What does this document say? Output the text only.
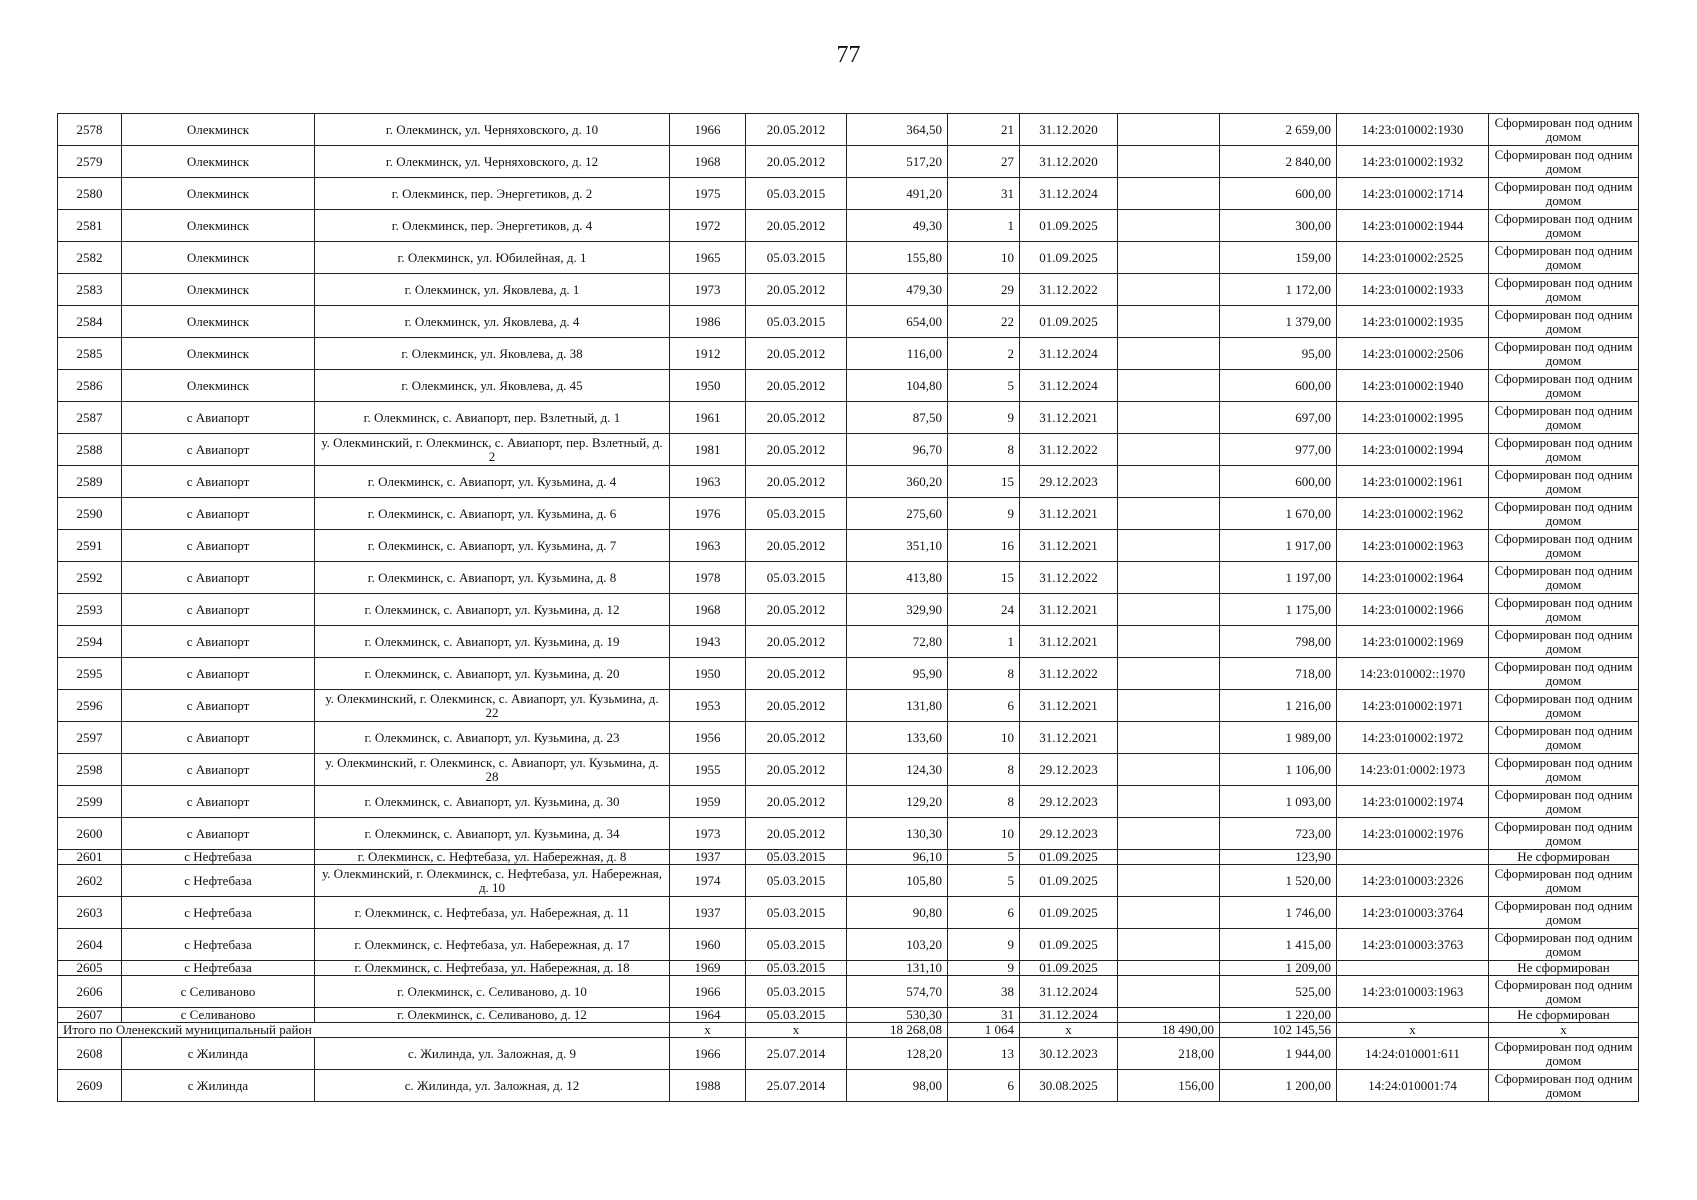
77
2578	Олекминск	г. Олекминск, ул. Черняховского, д. 10	1966	20.05.2012	364,50	21	31.12.2020		2 659,00	14:23:010002:1930	Сформирован под одним домом
2579	Олекминск	г. Олекминск, ул. Черняховского, д. 12	1968	20.05.2012	517,20	27	31.12.2020		2 840,00	14:23:010002:1932	Сформирован под одним домом
2580	Олекминск	г. Олекминск, пер. Энергетиков, д. 2	1975	05.03.2015	491,20	31	31.12.2024		600,00	14:23:010002:1714	Сформирован под одним домом
2581	Олекминск	г. Олекминск, пер. Энергетиков, д. 4	1972	20.05.2012	49,30	1	01.09.2025		300,00	14:23:010002:1944	Сформирован под одним домом
2582	Олекминск	г. Олекминск, ул. Юбилейная, д. 1	1965	05.03.2015	155,80	10	01.09.2025		159,00	14:23:010002:2525	Сформирован под одним домом
2583	Олекминск	г. Олекминск, ул. Яковлева, д. 1	1973	20.05.2012	479,30	29	31.12.2022		1 172,00	14:23:010002:1933	Сформирован под одним домом
2584	Олекминск	г. Олекминск, ул. Яковлева, д. 4	1986	05.03.2015	654,00	22	01.09.2025		1 379,00	14:23:010002:1935	Сформирован под одним домом
2585	Олекминск	г. Олекминск, ул. Яковлева, д. 38	1912	20.05.2012	116,00	2	31.12.2024		95,00	14:23:010002:2506	Сформирован под одним домом
2586	Олекминск	г. Олекминск, ул. Яковлева, д. 45	1950	20.05.2012	104,80	5	31.12.2024		600,00	14:23:010002:1940	Сформирован под одним домом
2587	с Авиапорт	г. Олекминск, с. Авиапорт, пер. Взлетный, д. 1	1961	20.05.2012	87,50	9	31.12.2021		697,00	14:23:010002:1995	Сформирован под одним домом
2588	с Авиапорт	у. Олекминский, г. Олекминск, с. Авиапорт, пер. Взлетный, д. 2	1981	20.05.2012	96,70	8	31.12.2022		977,00	14:23:010002:1994	Сформирован под одним домом
2589	с Авиапорт	г. Олекминск, с. Авиапорт, ул. Кузьмина, д. 4	1963	20.05.2012	360,20	15	29.12.2023		600,00	14:23:010002:1961	Сформирован под одним домом
2590	с Авиапорт	г. Олекминск, с. Авиапорт, ул. Кузьмина, д. 6	1976	05.03.2015	275,60	9	31.12.2021		1 670,00	14:23:010002:1962	Сформирован под одним домом
2591	с Авиапорт	г. Олекминск, с. Авиапорт, ул. Кузьмина, д. 7	1963	20.05.2012	351,10	16	31.12.2021		1 917,00	14:23:010002:1963	Сформирован под одним домом
2592	с Авиапорт	г. Олекминск, с. Авиапорт, ул. Кузьмина, д. 8	1978	05.03.2015	413,80	15	31.12.2022		1 197,00	14:23:010002:1964	Сформирован под одним домом
2593	с Авиапорт	г. Олекминск, с. Авиапорт, ул. Кузьмина, д. 12	1968	20.05.2012	329,90	24	31.12.2021		1 175,00	14:23:010002:1966	Сформирован под одним домом
2594	с Авиапорт	г. Олекминск, с. Авиапорт, ул. Кузьмина, д. 19	1943	20.05.2012	72,80	1	31.12.2021		798,00	14:23:010002:1969	Сформирован под одним домом
2595	с Авиапорт	г. Олекминск, с. Авиапорт, ул. Кузьмина, д. 20	1950	20.05.2012	95,90	8	31.12.2022		718,00	14:23:010002::1970	Сформирован под одним домом
2596	с Авиапорт	у. Олекминский, г. Олекминск, с. Авиапорт, ул. Кузьмина, д. 22	1953	20.05.2012	131,80	6	31.12.2021		1 216,00	14:23:010002:1971	Сформирован под одним домом
2597	с Авиапорт	г. Олекминск, с. Авиапорт, ул. Кузьмина, д. 23	1956	20.05.2012	133,60	10	31.12.2021		1 989,00	14:23:010002:1972	Сформирован под одним домом
2598	с Авиапорт	у. Олекминский, г. Олекминск, с. Авиапорт, ул. Кузьмина, д. 28	1955	20.05.2012	124,30	8	29.12.2023		1 106,00	14:23:01:0002:1973	Сформирован под одним домом
2599	с Авиапорт	г. Олекминск, с. Авиапорт, ул. Кузьмина, д. 30	1959	20.05.2012	129,20	8	29.12.2023		1 093,00	14:23:010002:1974	Сформирован под одним домом
2600	с Авиапорт	г. Олекминск, с. Авиапорт, ул. Кузьмина, д. 34	1973	20.05.2012	130,30	10	29.12.2023		723,00	14:23:010002:1976	Сформирован под одним домом
2601	с Нефтебаза	г. Олекминск, с. Нефтебаза, ул. Набережная, д. 8	1937	05.03.2015	96,10	5	01.09.2025		123,90		Не сформирован
2602	с Нефтебаза	у. Олекминский, г. Олекминск, с. Нефтебаза, ул. Набережная, д. 10	1974	05.03.2015	105,80	5	01.09.2025		1 520,00	14:23:010003:2326	Сформирован под одним домом
2603	с Нефтебаза	г. Олекминск, с. Нефтебаза, ул. Набережная, д. 11	1937	05.03.2015	90,80	6	01.09.2025		1 746,00	14:23:010003:3764	Сформирован под одним домом
2604	с Нефтебаза	г. Олекминск, с. Нефтебаза, ул. Набережная, д. 17	1960	05.03.2015	103,20	9	01.09.2025		1 415,00	14:23:010003:3763	Сформирован под одним домом
2605	с Нефтебаза	г. Олекминск, с. Нефтебаза, ул. Набережная, д. 18	1969	05.03.2015	131,10	9	01.09.2025		1 209,00		Не сформирован
2606	с Селиваново	г. Олекминск, с. Селиваново, д. 10	1966	05.03.2015	574,70	38	31.12.2024		525,00	14:23:010003:1963	Сформирован под одним домом
2607	с Селиваново	г. Олекминск, с. Селиваново, д. 12	1964	05.03.2015	530,30	31	31.12.2024		1 220,00		Не сформирован
Итого по Оленекский муниципальный район			x	x	18 268,08	1 064	x	18 490,00	102 145,56	x	x
2608	с Жилинда	с. Жилинда, ул. Заложная, д. 9	1966	25.07.2014	128,20	13	30.12.2023	218,00	1 944,00	14:24:010001:611	Сформирован под одним домом
2609	с Жилинда	с. Жилинда, ул. Заложная, д. 12	1988	25.07.2014	98,00	6	30.08.2025	156,00	1 200,00	14:24:010001:74	Сформирован под одним домом
